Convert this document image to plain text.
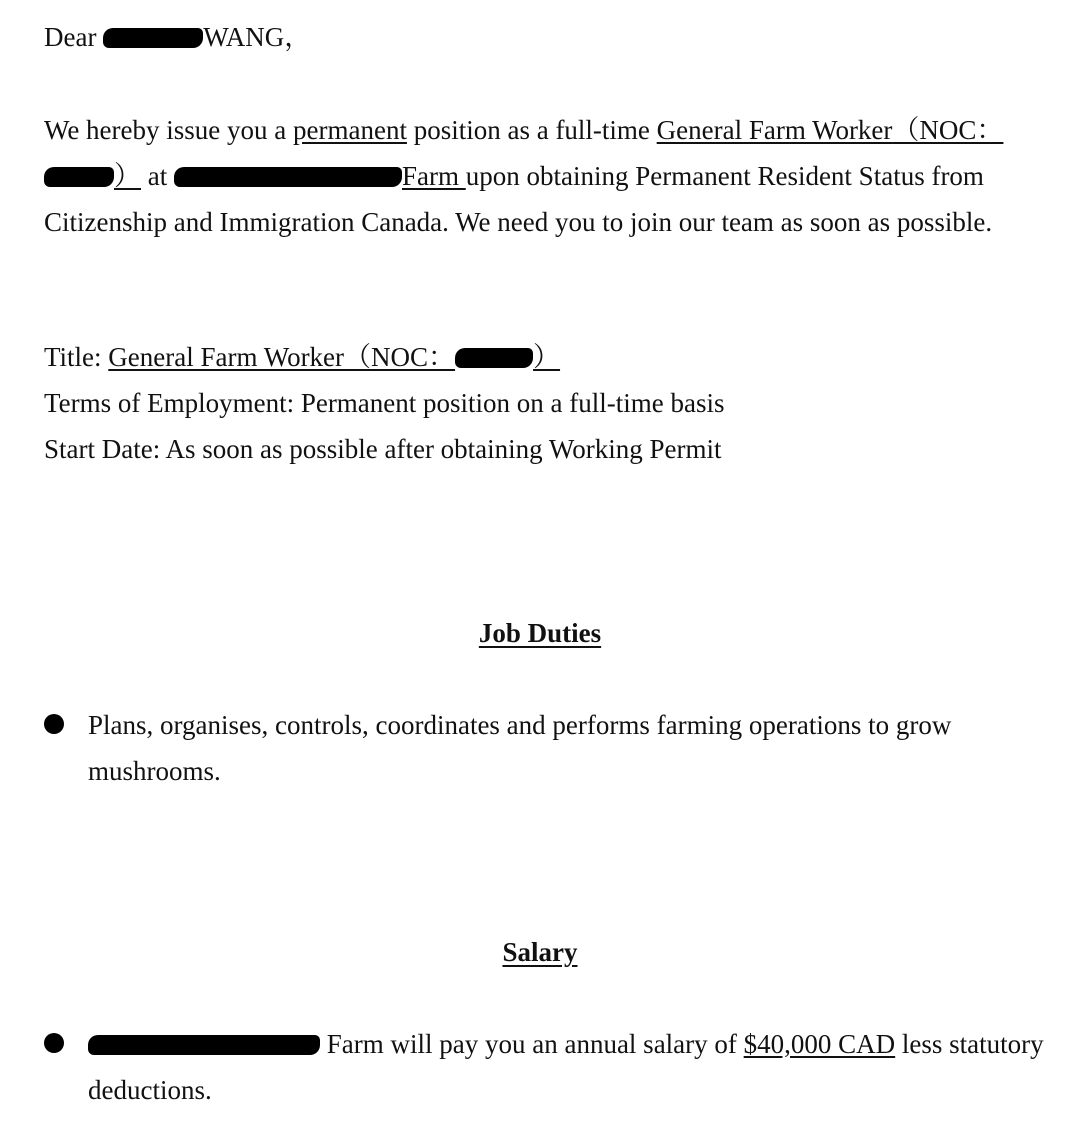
Dear	WANG，

We hereby issue you a permanent position as a full-time General Farm Worker（NOC：） at	Farm upon obtaining Permanent Resident Status from Citizenship and Immigration Canada. We need you to join our team as soon as possible.

Title: General Farm Worker（NOC：	）
Terms of Employment: Permanent position on a full-time basis
Start Date: As soon as possible after obtaining Working Permit
Job Duties
Plans, organises, controls, coordinates and performs farming operations to grow mushrooms.
Salary
Farm will pay you an annual salary of $40,000 CAD less statutory deductions.
